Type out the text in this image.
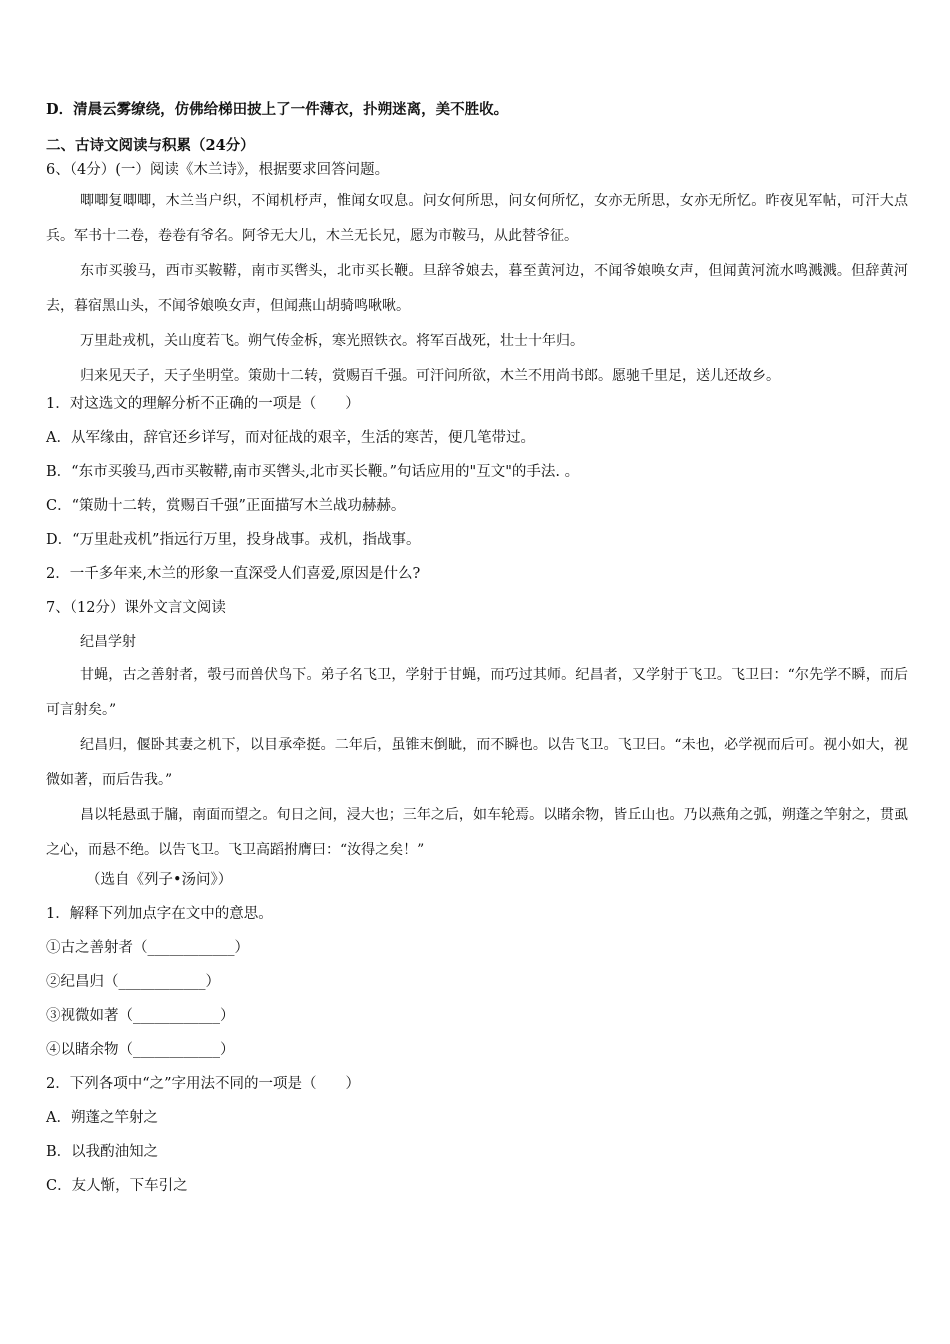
D．清晨云雾缭绕，仿佛给梯田披上了一件薄衣，扑朔迷离，美不胜收。
二、古诗文阅读与积累（24分）
6、（4分）(一）阅读《木兰诗》，根据要求回答问题。
唧唧复唧唧，木兰当户织，不闻机杼声，惟闻女叹息。问女何所思，问女何所忆，女亦无所思，女亦无所忆。昨夜见军帖，可汗大点兵。军书十二卷，卷卷有爷名。阿爷无大儿，木兰无长兄，愿为市鞍马，从此替爷征。
东市买骏马，西市买鞍鞯，南市买辔头，北市买长鞭。旦辞爷娘去，暮至黄河边，不闻爷娘唤女声，但闻黄河流水鸣溅溅。但辞黄河去，暮宿黑山头，不闻爷娘唤女声，但闻燕山胡骑鸣啾啾。
万里赴戎机，关山度若飞。朔气传金柝，寒光照铁衣。将军百战死，壮士十年归。
归来见天子，天子坐明堂。策勋十二转，赏赐百千强。可汗问所欲，木兰不用尚书郎。愿驰千里足，送儿还故乡。
1．对这选文的理解分析不正确的一项是（　　）
A．从军缘由，辞官还乡详写，而对征战的艰辛，生活的寒苦，便几笔带过。
B．“东市买骏马,西市买鞍鞯,南市买辔头,北市买长鞭。”句话应用的"互文"的手法. 。
C．“策勋十二转，赏赐百千强”正面描写木兰战功赫赫。
D．“万里赴戎机”指远行万里，投身战事。戎机，指战事。
2．一千多年来,木兰的形象一直深受人们喜爱,原因是什么?
7、（12分）课外文言文阅读
纪昌学射
甘蝇，古之善射者，彀弓而兽伏鸟下。弟子名飞卫，学射于甘蝇，而巧过其师。纪昌者，又学射于飞卫。飞卫曰：“尔先学不瞬，而后可言射矣。”
纪昌归，偃卧其妻之机下，以目承牵挺。二年后，虽锥末倒眦，而不瞬也。以告飞卫。飞卫曰。“未也，必学视而后可。视小如大，视微如著，而后告我。”
昌以牦悬虱于牖，南面而望之。旬日之间，浸大也；三年之后，如车轮焉。以睹余物，皆丘山也。乃以燕角之弧，朔蓬之竿射之，贯虱之心，而悬不绝。以告飞卫。飞卫高蹈拊膺曰：“汝得之矣！”
（选自《列子•汤问》）
1．解释下列加点字在文中的意思。
①古之善射者（____________）
②纪昌归（____________）
③视微如著（____________）
④以睹余物（____________）
2．下列各项中“之”字用法不同的一项是（　　）
A．朔蓬之竿射之
B．以我酌油知之
C．友人惭，下车引之
